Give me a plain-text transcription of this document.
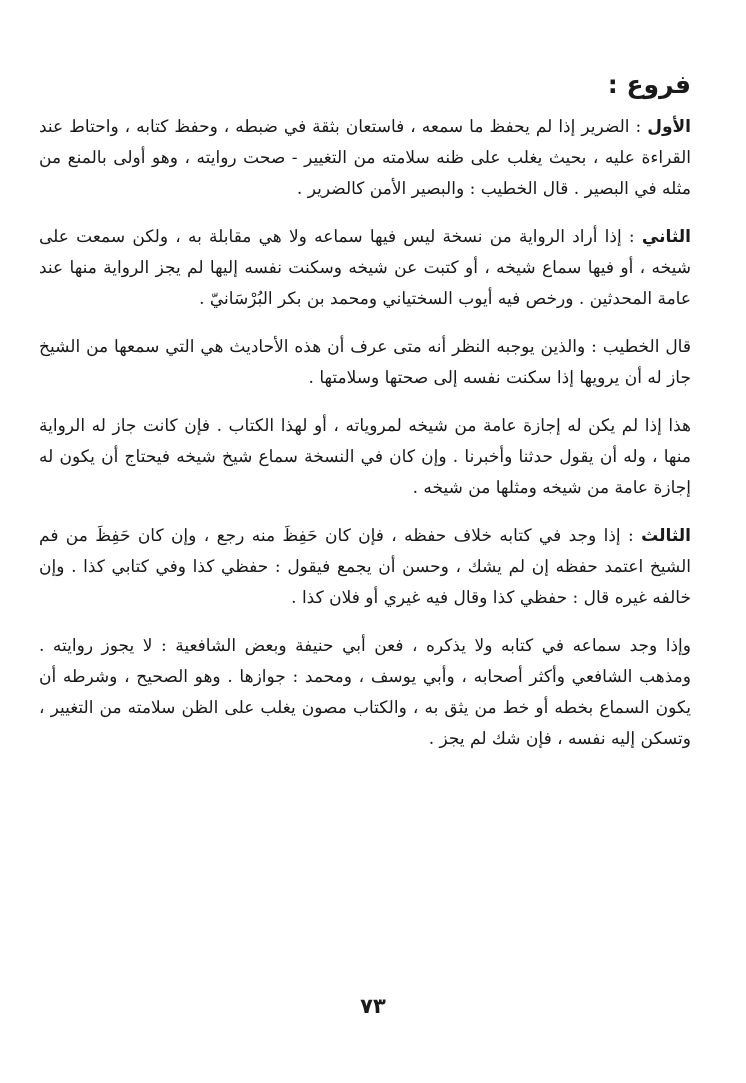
فروع :

الأول : الضرير إذا لم يحفظ ما سمعه ، فاستعان بثقة في ضبطه ، وحفظ كتابه ، واحتاط عند القراءة عليه ، بحيث يغلب على ظنه سلامته من التغيير - صحت روايته ، وهو أولى بالمنع من مثله في البصير . قال الخطيب : والبصير الأمن كالضرير .

الثاني : إذا أراد الرواية من نسخة ليس فيها سماعه ولا هي مقابلة به ، ولكن سمعت على شيخه ، أو فيها سماع شيخه ، أو كتبت عن شيخه وسكنت نفسه إليها لم يجز الرواية منها عند عامة المحدثين . ورخص فيه أيوب السختياني ومحمد بن بكر البُرْسَانيّ .

قال الخطيب : والذين يوجبه النظر أنه متى عرف أن هذه الأحاديث هي التي سمعها من الشيخ جاز له أن يرويها إذا سكنت نفسه إلى صحتها وسلامتها .

هذا إذا لم يكن له إجازة عامة من شيخه لمروياته ، أو لهذا الكتاب . فإن كانت جاز له الرواية منها ، وله أن يقول حدثنا وأخبرنا . وإن كان في النسخة سماع شيخ شيخه فيحتاج أن يكون له إجازة عامة من شيخه ومثلها من شيخه .

الثالث : إذا وجد في كتابه خلاف حفظه ، فإن كان حَفِظَ منه رجع ، وإن كان حَفِظَ من فم الشيخ اعتمد حفظه إن لم يشك ، وحسن أن يجمع فيقول : حفظي كذا وفي كتابي كذا . وإن خالفه غيره قال : حفظي كذا وقال فيه غيري أو فلان كذا .

وإذا وجد سماعه في كتابه ولا يذكره ، فعن أبي حنيفة وبعض الشافعية : لا يجوز روايته . ومذهب الشافعي وأكثر أصحابه ، وأبي يوسف ، ومحمد : جوازها . وهو الصحيح ، وشرطه أن يكون السماع بخطه أو خط من يثق به ، والكتاب مصون يغلب على الظن سلامته من التغيير ، وتسكن إليه نفسه ، فإن شك لم يجز .

٧٣
